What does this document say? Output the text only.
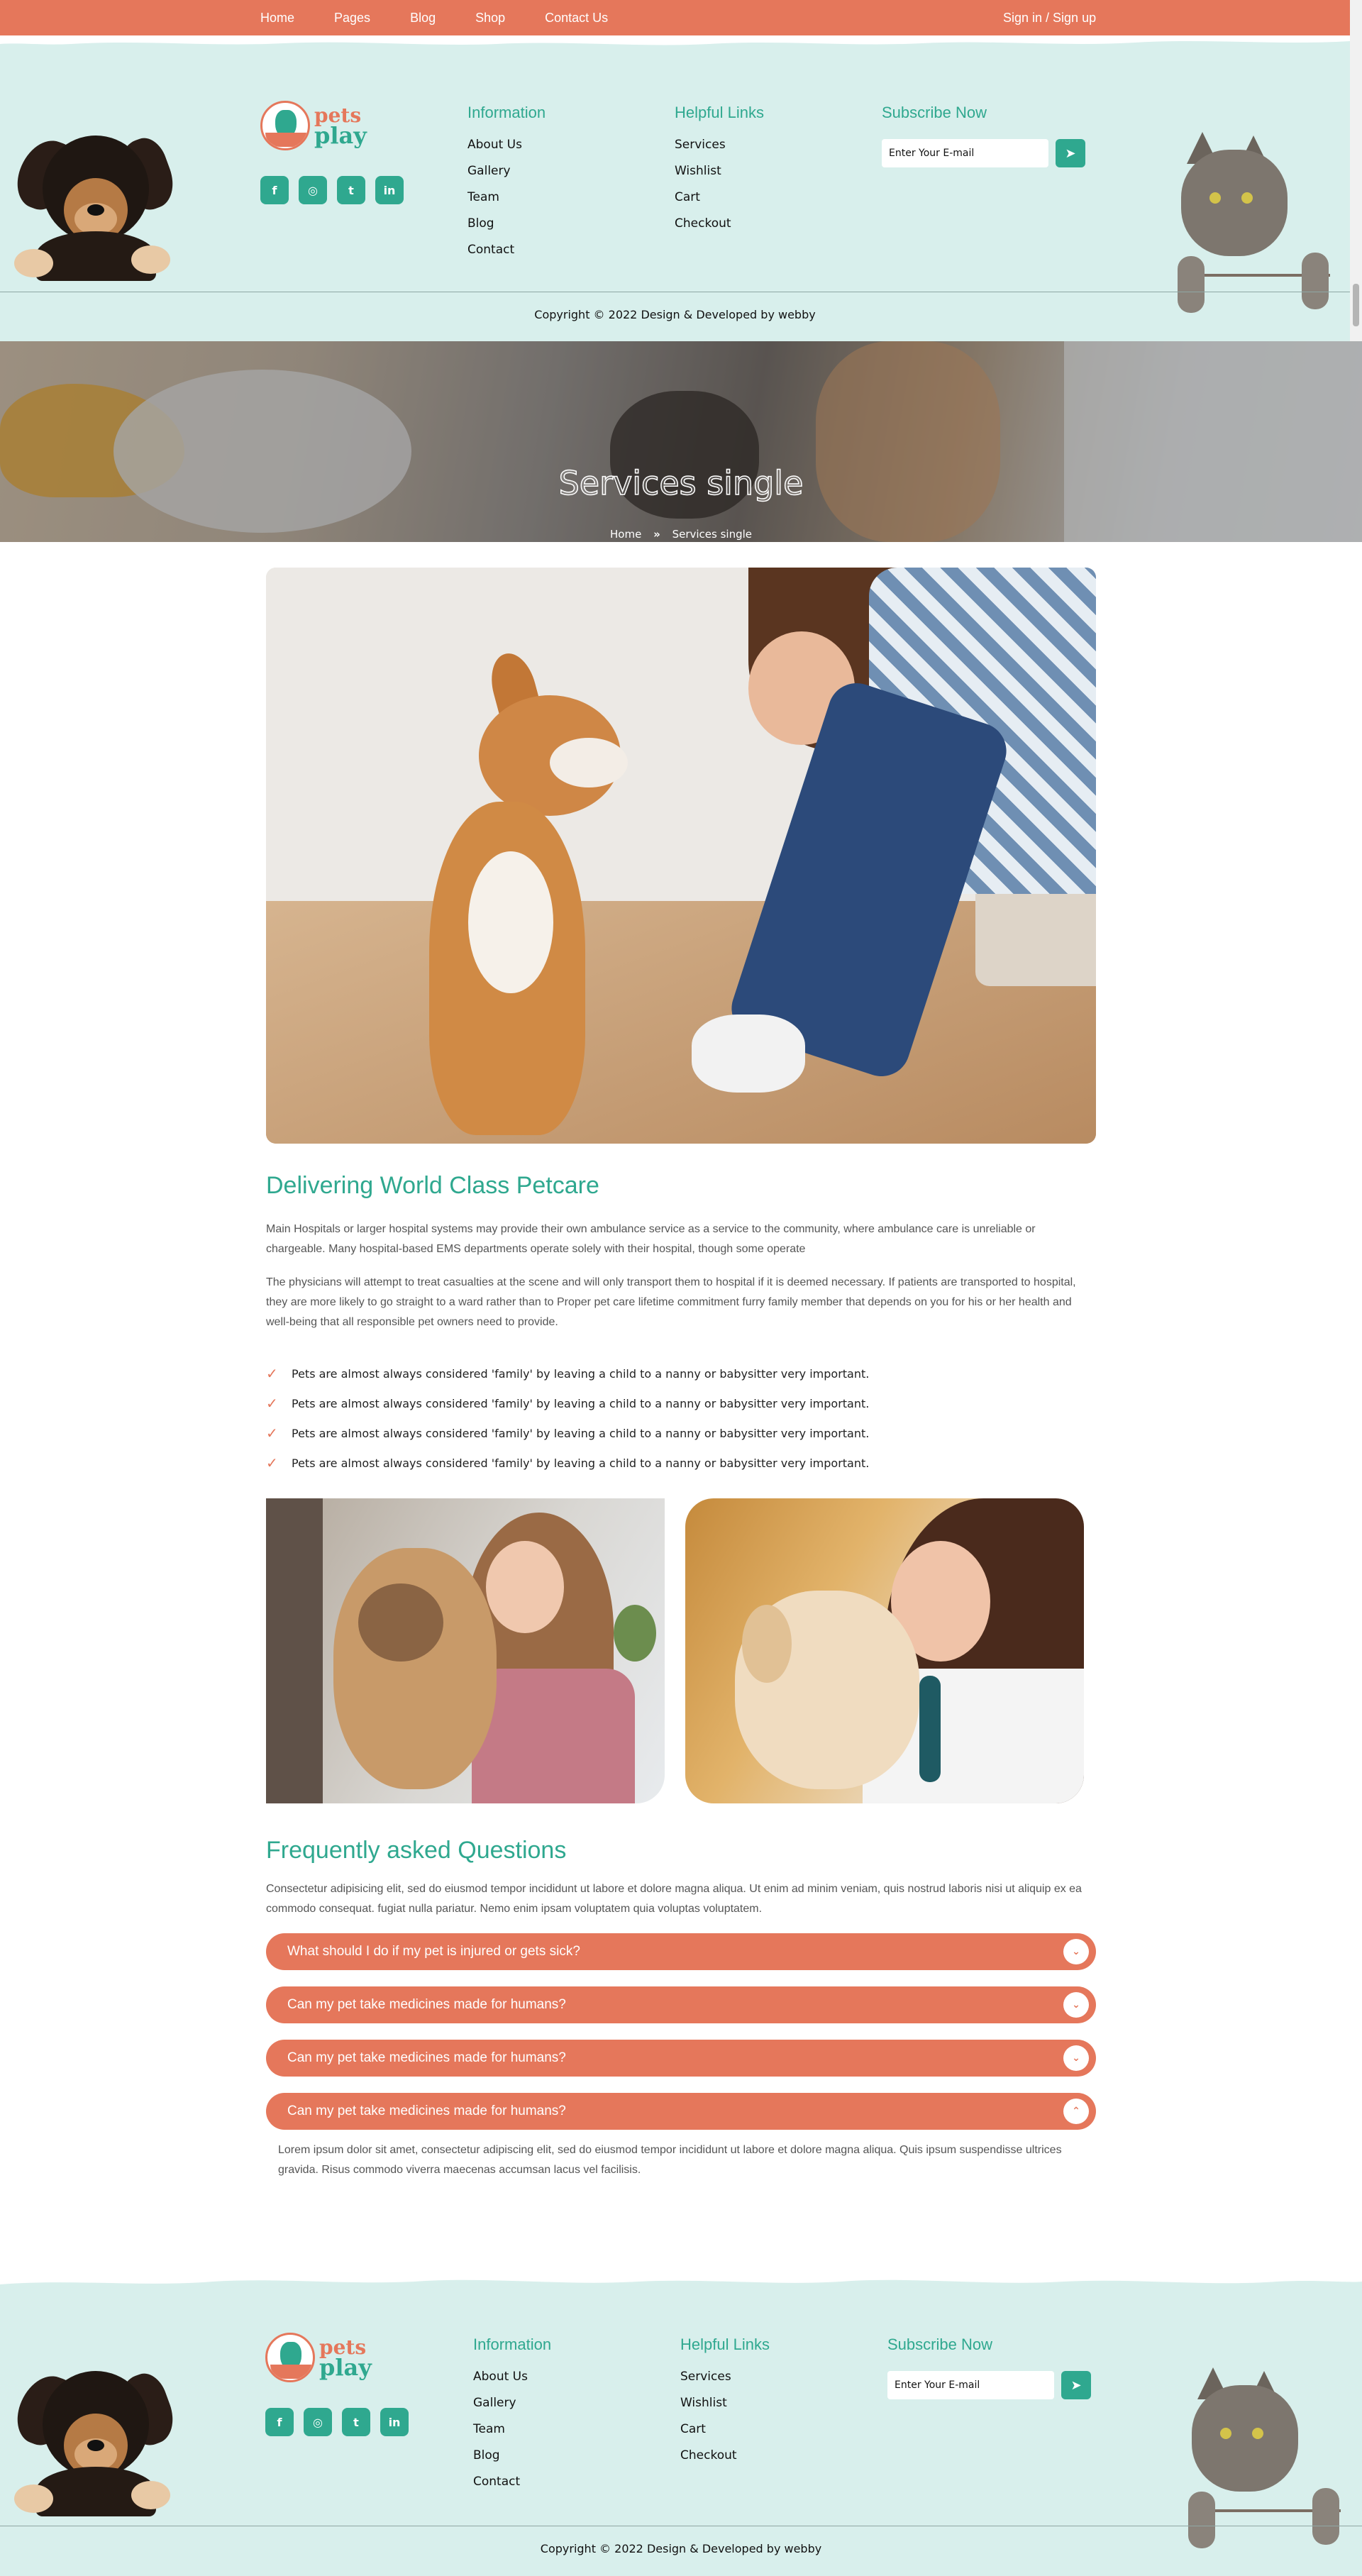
Home	Pages	Blog	Shop	Contact Us	Sign in / Sign up
pets
play
f	◎	t	in
Information
About Us
Gallery
Team
Blog
Contact
Helpful Links
Services
Wishlist
Cart
Checkout
Subscribe Now
Enter Your E-mail
➤
Copyright © 2022 Design & Developed by webby
Services single
Home » Services single
Delivering World Class Petcare

Main Hospitals or larger hospital systems may provide their own ambulance service as a service to the community, where ambulance care is unreliable or chargeable. Many hospital-based EMS departments operate solely with their hospital, though some operate

The physicians will attempt to treat casualties at the scene and will only transport them to hospital if it is deemed necessary. If patients are transported to hospital, they are more likely to go straight to a ward rather than to Proper pet care lifetime commitment furry family member that depends on you for his or her health and well-being that all responsible pet owners need to provide.

✓	Pets are almost always considered 'family' by leaving a child to a nanny or babysitter very important.
✓	Pets are almost always considered 'family' by leaving a child to a nanny or babysitter very important.
✓	Pets are almost always considered 'family' by leaving a child to a nanny or babysitter very important.
✓	Pets are almost always considered 'family' by leaving a child to a nanny or babysitter very important.
Frequently asked Questions

Consectetur adipisicing elit, sed do eiusmod tempor incididunt ut labore et dolore magna aliqua. Ut enim ad minim veniam, quis nostrud laboris nisi ut aliquip ex ea commodo consequat. fugiat nulla pariatur. Nemo enim ipsam voluptatem quia voluptas voluptatem.

What should I do if my pet is injured or gets sick?	⌄
Can my pet take medicines made for humans?	⌄
Can my pet take medicines made for humans?	⌄
Can my pet take medicines made for humans?	⌃

Lorem ipsum dolor sit amet, consectetur adipiscing elit, sed do eiusmod tempor incididunt ut labore et dolore magna aliqua. Quis ipsum suspendisse ultrices gravida. Risus commodo viverra maecenas accumsan lacus vel facilisis.

pets
play
f	◎	t	in
Information
About Us
Gallery
Team
Blog
Contact
Helpful Links
Services
Wishlist
Cart
Checkout
Subscribe Now
Enter Your E-mail
➤
Copyright © 2022 Design & Developed by webby
